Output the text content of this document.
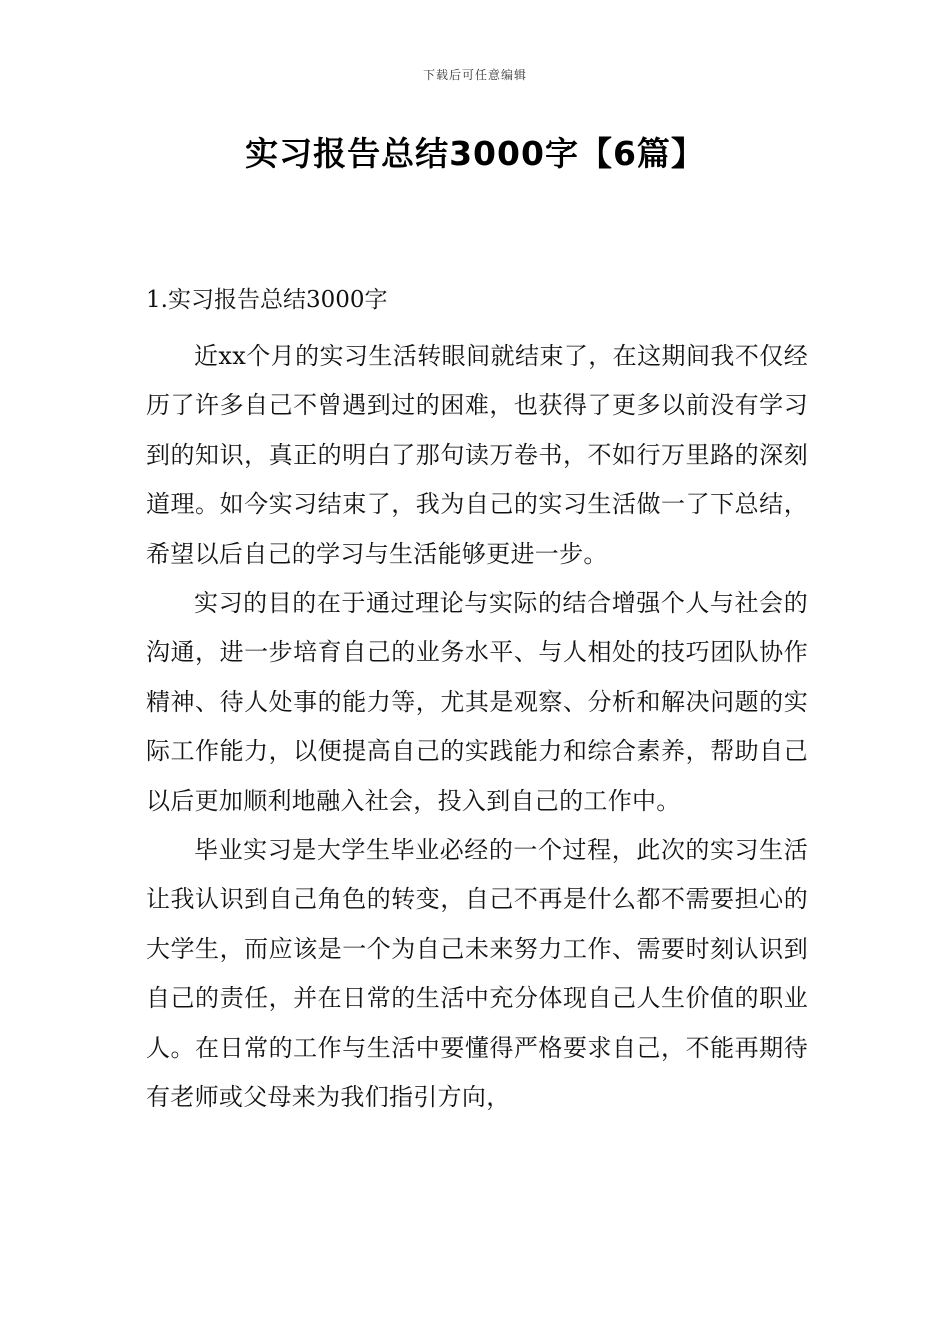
下载后可任意编辑
实习报告总结3000字【6篇】
1.实习报告总结3000字

近xx个月的实习生活转眼间就结束了，在这期间我不仅经历了许多自己不曾遇到过的困难，也获得了更多以前没有学习到的知识，真正的明白了那句读万卷书，不如行万里路的深刻道理。如今实习结束了，我为自己的实习生活做一了下总结，希望以后自己的学习与生活能够更进一步。

实习的目的在于通过理论与实际的结合增强个人与社会的沟通，进一步培育自己的业务水平、与人相处的技巧团队协作精神、待人处事的能力等，尤其是观察、分析和解决问题的实际工作能力，以便提高自己的实践能力和综合素养，帮助自己以后更加顺利地融入社会，投入到自己的工作中。

毕业实习是大学生毕业必经的一个过程，此次的实习生活让我认识到自己角色的转变，自己不再是什么都不需要担心的大学生，而应该是一个为自己未来努力工作、需要时刻认识到自己的责任，并在日常的生活中充分体现自己人生价值的职业人。在日常的工作与生活中要懂得严格要求自己，不能再期待有老师或父母来为我们指引方向，
